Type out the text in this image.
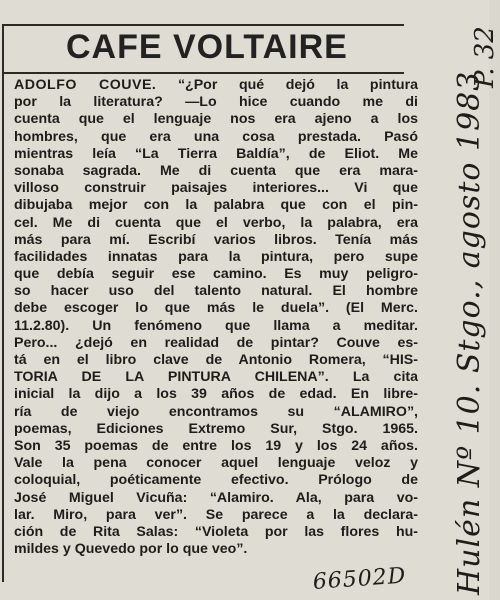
CAFE VOLTAIRE
ADOLFO COUVE. “¿Por qué dejó la pintura
por la literatura? —Lo hice cuando me di
cuenta que el lenguaje nos era ajeno a los
hombres, que era una cosa prestada. Pasó
mientras leía “La Tierra Baldía”, de Eliot. Me
sonaba sagrada. Me di cuenta que era mara-
villoso construir paisajes interiores... Vi que
dibujaba mejor con la palabra que con el pin-
cel. Me di cuenta que el verbo, la palabra, era
más para mí. Escribí varios libros. Tenía más
facilidades innatas para la pintura, pero supe
que debía seguir ese camino. Es muy peligro-
so hacer uso del talento natural. El hombre
debe escoger lo que más le duela”. (El Merc.
11.2.80). Un fenómeno que llama a meditar.
Pero... ¿dejó en realidad de pintar? Couve es-
tá en el libro clave de Antonio Romera, “HIS-
TORIA DE LA PINTURA CHILENA”. La cita
inicial la dijo a los 39 años de edad. En libre-
ría de viejo encontramos su “ALAMIRO”,
poemas, Ediciones Extremo Sur, Stgo. 1965.
Son 35 poemas de entre los 19 y los 24 años.
Vale la pena conocer aquel lenguaje veloz y
coloquial, poéticamente efectivo. Prólogo de
José Miguel Vicuña: “Alamiro. Ala, para vo-
lar. Miro, para ver”. Se parece a la declara-
ción de Rita Salas: “Violeta por las flores hu-
mildes y Quevedo por lo que veo”.	Hulén Nº 10. Stgo., agosto 1983
P. 32
66502D
